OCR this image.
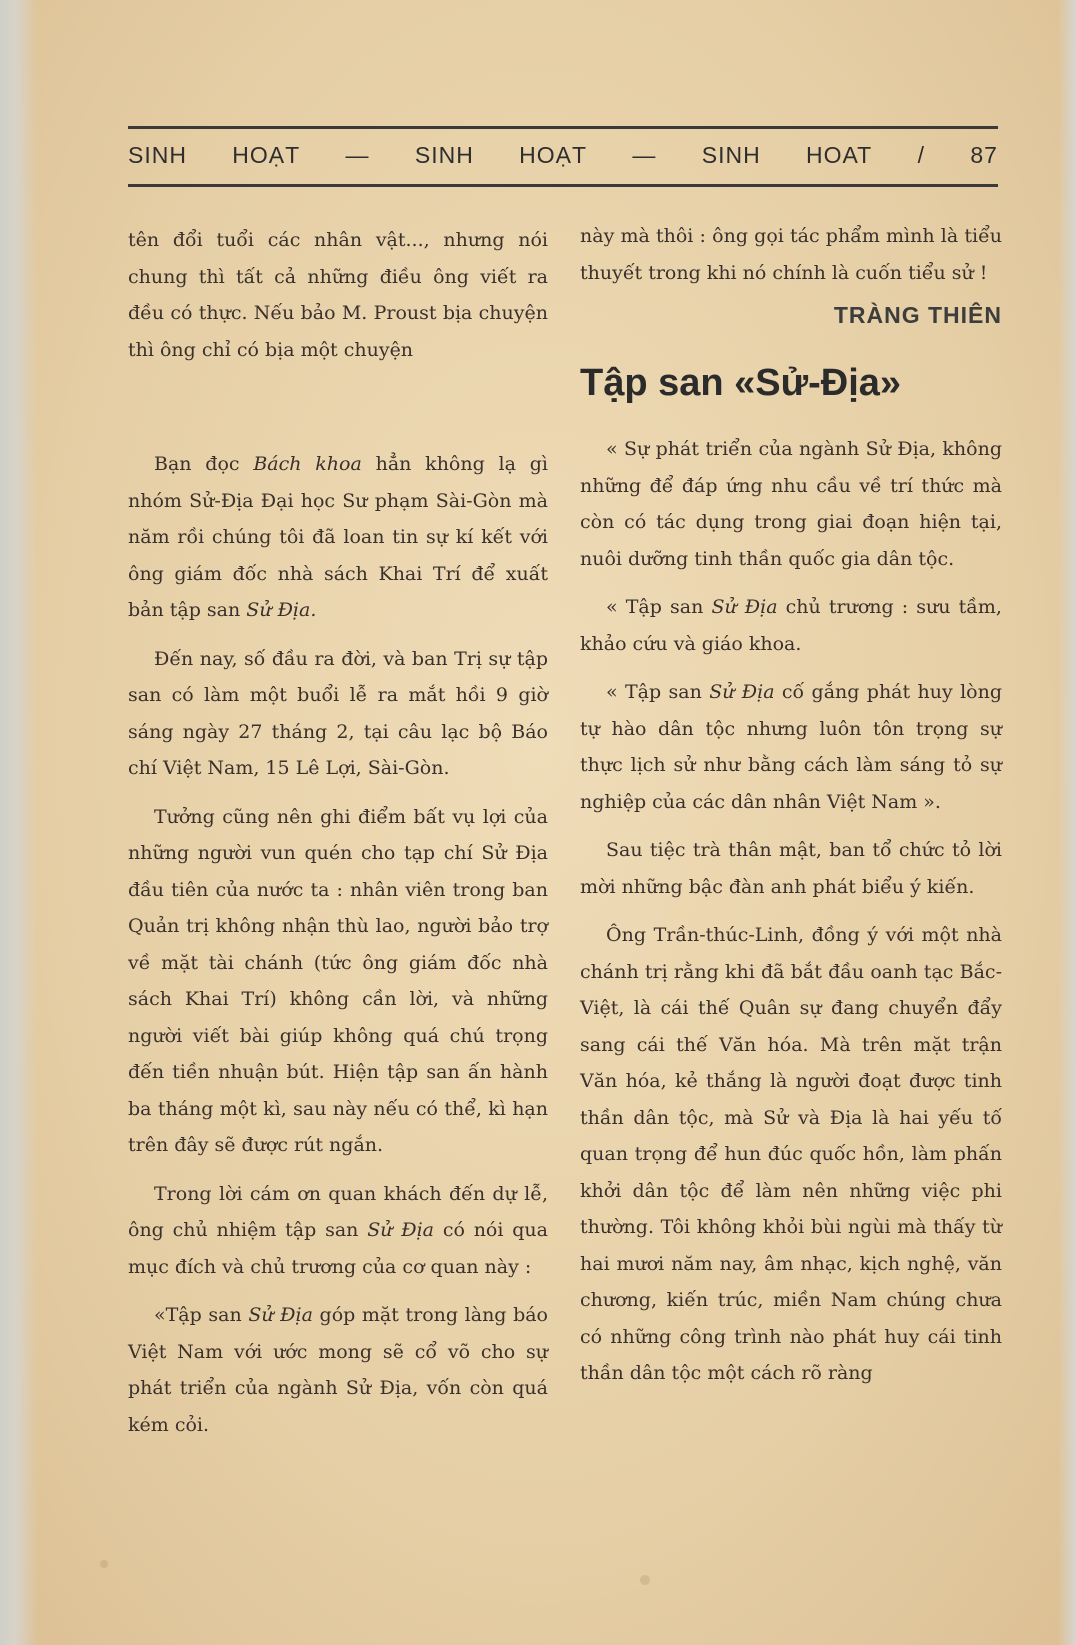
SINH HOẠT — SINH HOẠT — SINH HOAT / 87

tên đổi tuổi các nhân vật..., nhưng nói chung thì tất cả những điều ông viết ra đều có thực. Nếu bảo M. Proust bịa chuyện thì ông chỉ có bịa một chuyện

Bạn đọc Bách khoa hẳn không lạ gì nhóm Sử-Địa Đại học Sư phạm Sài-Gòn mà năm rồi chúng tôi đã loan tin sự kí kết với ông giám đốc nhà sách Khai Trí để xuất bản tập san Sử Địa.

Đến nay, số đầu ra đời, và ban Trị sự tập san có làm một buổi lễ ra mắt hồi 9 giờ sáng ngày 27 tháng 2, tại câu lạc bộ Báo chí Việt Nam, 15 Lê Lợi, Sài-Gòn.

Tưởng cũng nên ghi điểm bất vụ lợi của những người vun quén cho tạp chí Sử Địa đầu tiên của nước ta : nhân viên trong ban Quản trị không nhận thù lao, người bảo trợ về mặt tài chánh (tức ông giám đốc nhà sách Khai Trí) không cần lời, và những người viết bài giúp không quá chú trọng đến tiền nhuận bút. Hiện tập san ấn hành ba tháng một kì, sau này nếu có thể, kì hạn trên đây sẽ được rút ngắn.

Trong lời cám ơn quan khách đến dự lễ, ông chủ nhiệm tập san Sử Địa có nói qua mục đích và chủ trương của cơ quan này :

«Tập san Sử Địa góp mặt trong làng báo Việt Nam với ước mong sẽ cổ võ cho sự phát triển của ngành Sử Địa, vốn còn quá kém cỏi.

này mà thôi : ông gọi tác phẩm mình là tiểu thuyết trong khi nó chính là cuốn tiểu sử !

TRÀNG THIÊN
Tập san «Sử-Địa»

« Sự phát triển của ngành Sử Địa, không những để đáp ứng nhu cầu về trí thức mà còn có tác dụng trong giai đoạn hiện tại, nuôi dưỡng tinh thần quốc gia dân tộc.

« Tập san Sử Địa chủ trương : sưu tầm, khảo cứu và giáo khoa.

« Tập san Sử Địa cố gắng phát huy lòng tự hào dân tộc nhưng luôn tôn trọng sự thực lịch sử như bằng cách làm sáng tỏ sự nghiệp của các dân nhân Việt Nam ».

Sau tiệc trà thân mật, ban tổ chức tỏ lời mời những bậc đàn anh phát biểu ý kiến.

Ông Trần-thúc-Linh, đồng ý với một nhà chánh trị rằng khi đã bắt đầu oanh tạc Bắc-Việt, là cái thế Quân sự đang chuyển đẩy sang cái thế Văn hóa. Mà trên mặt trận Văn hóa, kẻ thắng là người đoạt được tinh thần dân tộc, mà Sử và Địa là hai yếu tố quan trọng để hun đúc quốc hồn, làm phấn khởi dân tộc để làm nên những việc phi thường. Tôi không khỏi bùi ngùi mà thấy từ hai mươi năm nay, âm nhạc, kịch nghệ, văn chương, kiến trúc, miền Nam chúng chưa có những công trình nào phát huy cái tinh thần dân tộc một cách rõ ràng
